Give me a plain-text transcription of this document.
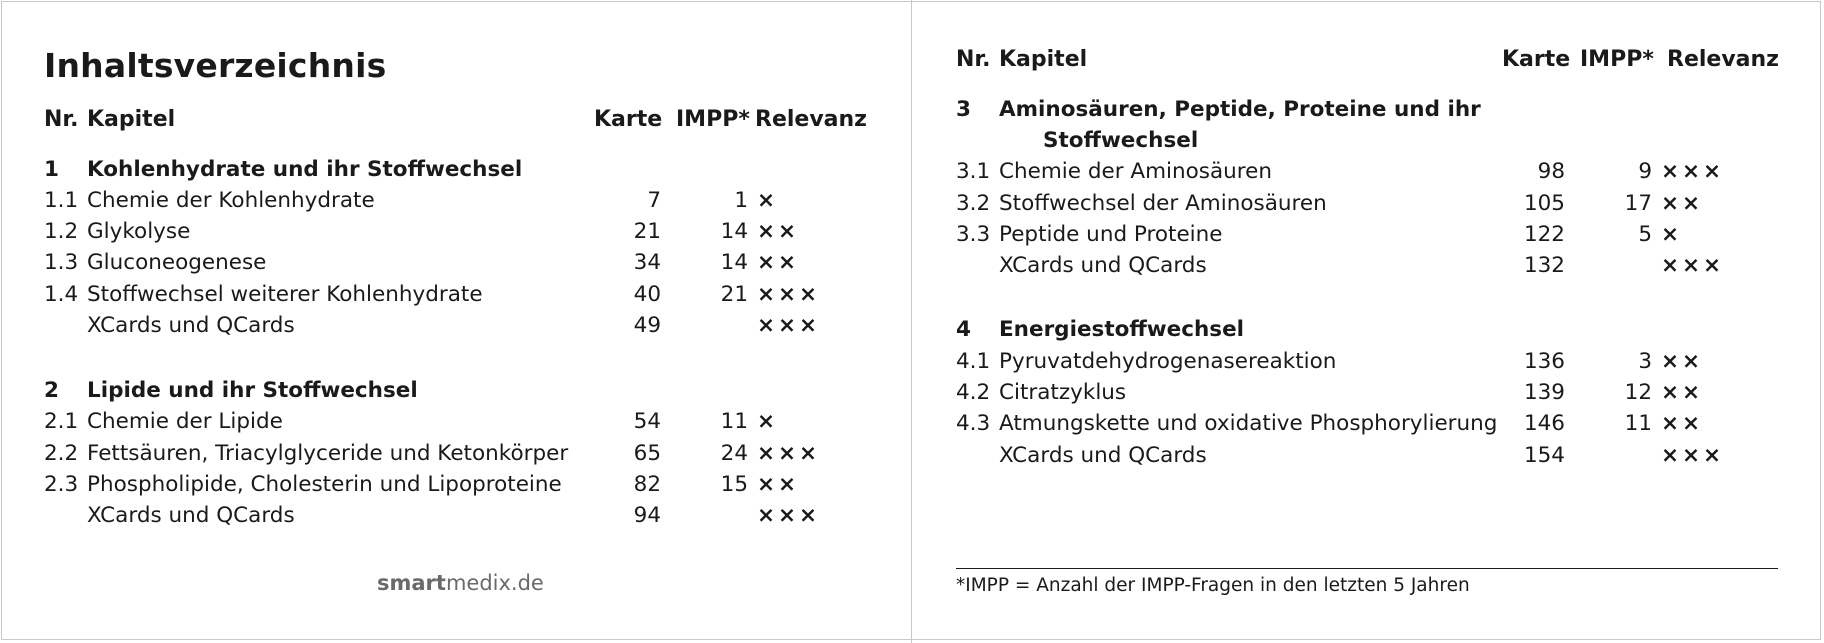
Inhaltsverzeichnis
Nr. Kapitel	Karte IMPP* Relevanz
Nr. Kapitel	Karte IMPP* Relevanz
1 Kohlenhydrate und ihr Stoffwechsel
1.1 Chemie der Kohlenhydrate	7	1 ×
1.2 Glykolyse	21	14 ××
1.3 Gluconeogenese	34	14 ××
1.4 Stoffwechsel weiterer Kohlenhydrate	40	21 ×××
XCards und QCards	49	×××
2 Lipide und ihr Stoffwechsel
2.1 Chemie der Lipide	54	11 ×
2.2 Fettsäuren, Triacylglyceride und Ketonkörper	65	24 ×××
2.3 Phospholipide, Cholesterin und Lipoproteine	82	15 ××
XCards und QCards	94	×××
3 Aminosäuren, Peptide, Proteine und ihr
Stoffwechsel
3.1 Chemie der Aminosäuren	98	9 ×××
3.2 Stoffwechsel der Aminosäuren	105	17 ××
3.3 Peptide und Proteine	122	5 ×
XCards und QCards	132	×××
4 Energiestoffwechsel
4.1 Pyruvatdehydrogenasereaktion	136	3 ××
4.2 Citratzyklus	139	12 ××
4.3 Atmungskette und oxidative Phosphorylierung	146	11 ××
XCards und QCards	154	×××
smartmedix.de	*IMPP = Anzahl der IMPP-Fragen in den letzten 5 Jahren
